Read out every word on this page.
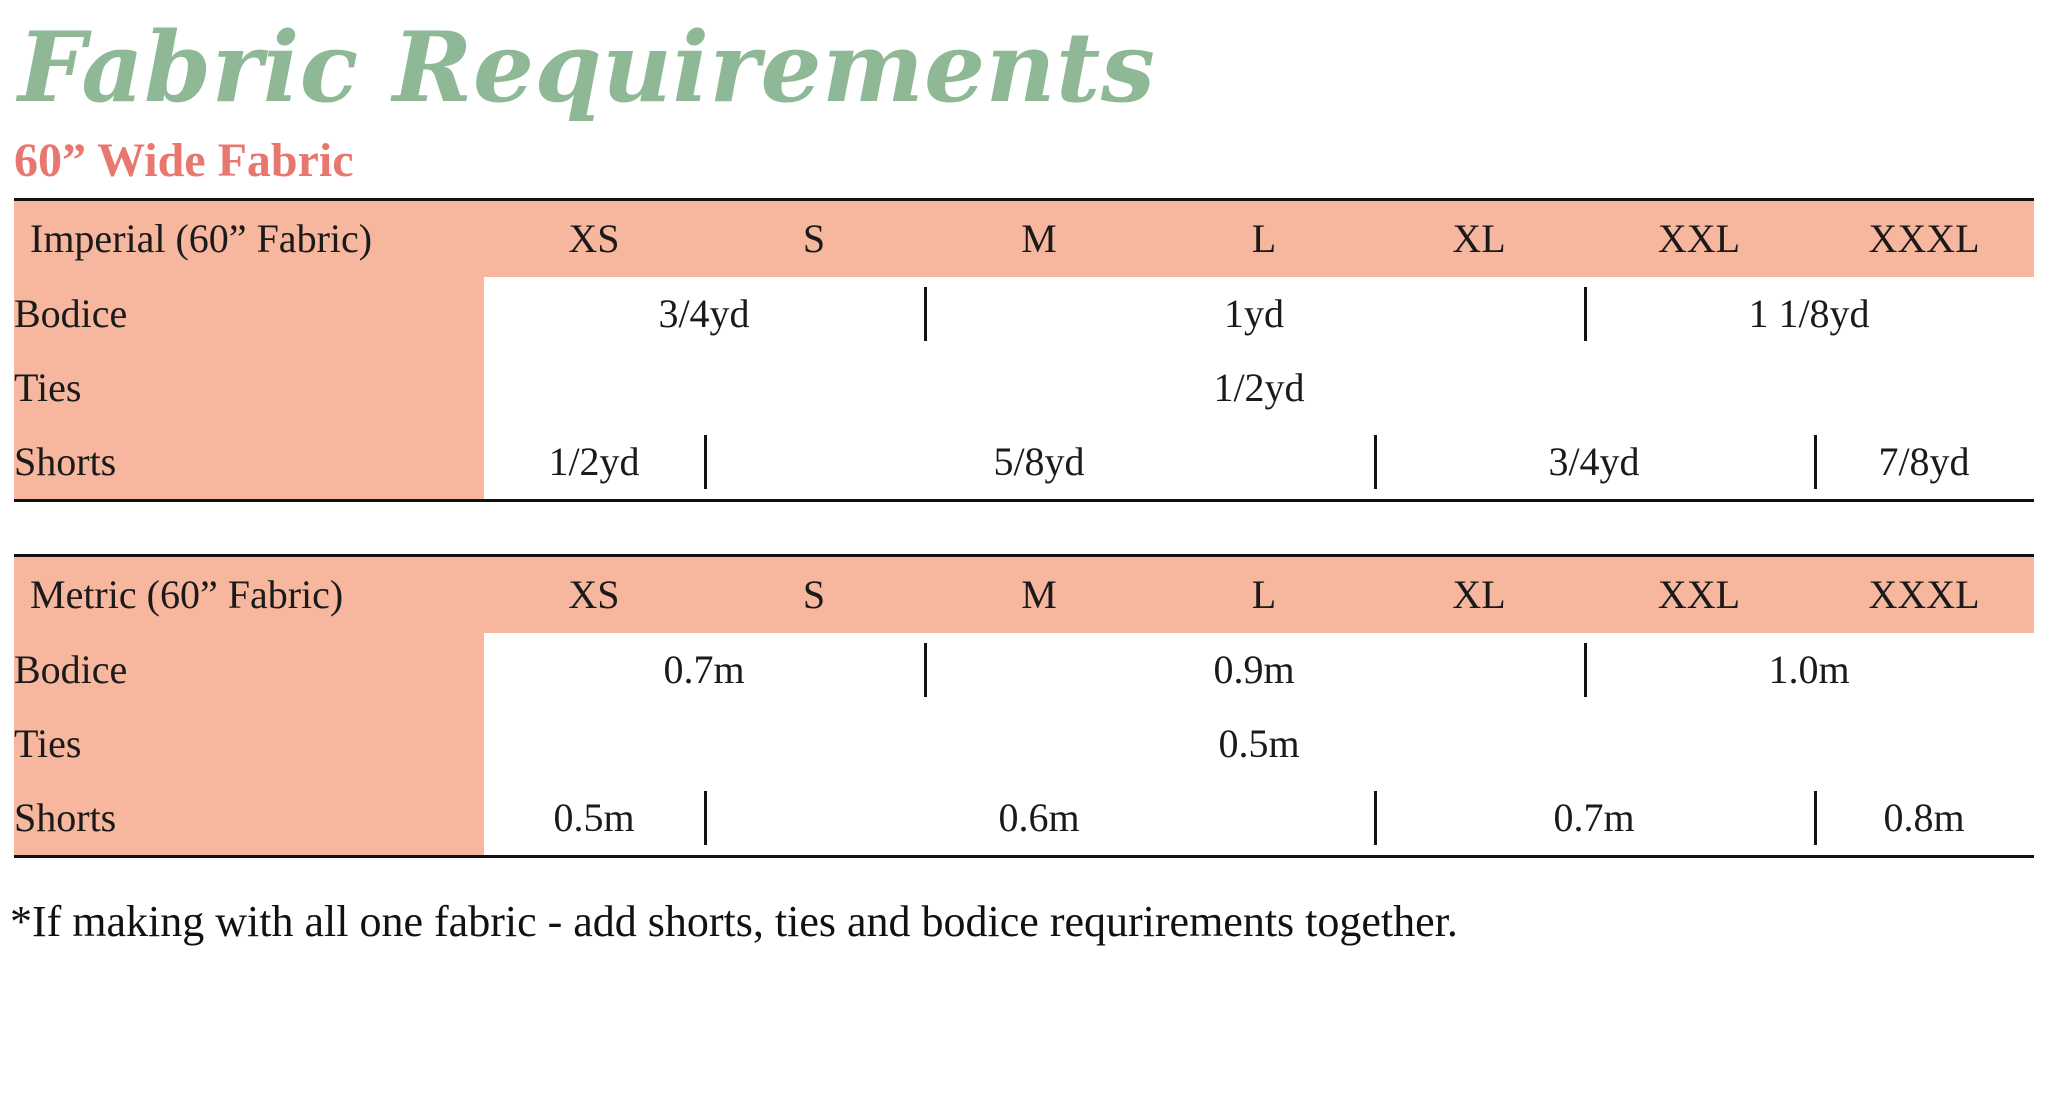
Fabric Requirements
60” Wide Fabric
Imperial (60” Fabric)	XS	S	M	L	XL	XXL	XXXL
Bodice	3/4yd		1yd			1 1/8yd	
Ties	1/2yd						
Shorts	1/2yd	5/8yd			3/4yd		7/8yd
Metric (60” Fabric)	XS	S	M	L	XL	XXL	XXXL
Bodice	0.7m		0.9m			1.0m	
Ties	0.5m						
Shorts	0.5m	0.6m			0.7m		0.8m

*If making with all one fabric - add shorts, ties and bodice requrirements together.
